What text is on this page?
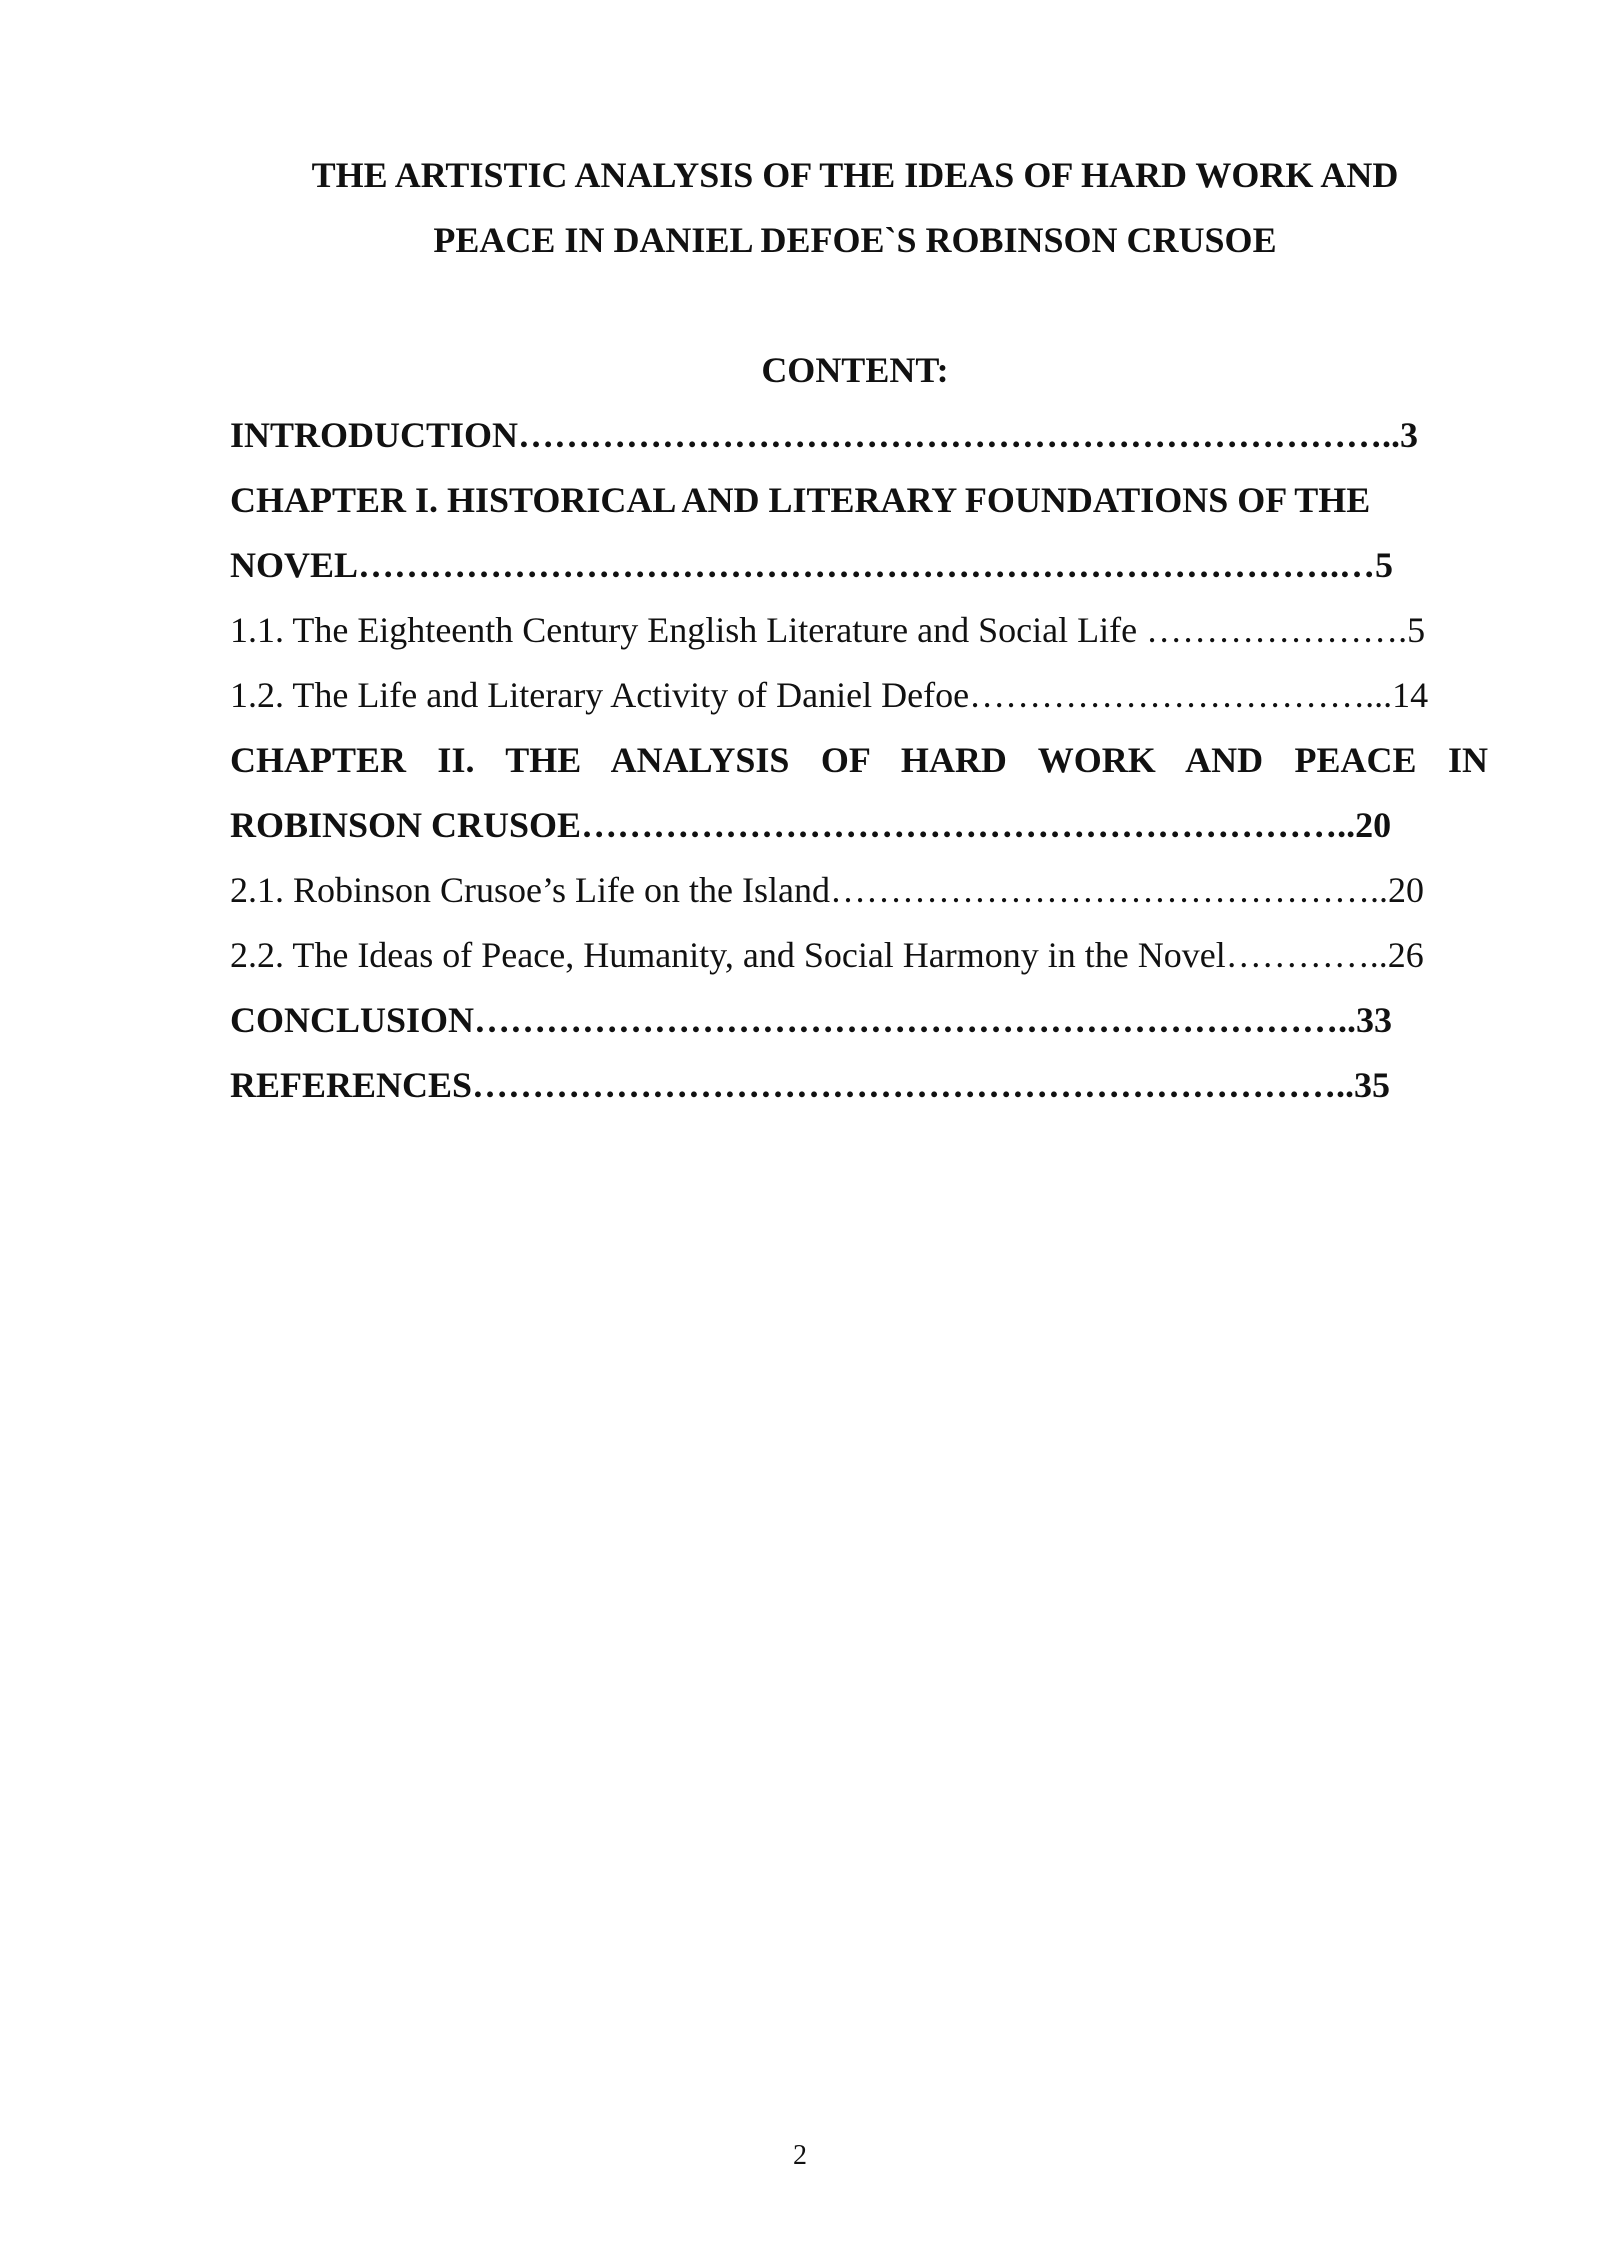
THE ARTISTIC ANALYSIS OF THE IDEAS OF HARD WORK AND
PEACE IN DANIEL DEFOE`S ROBINSON CRUSOE
CONTENT:
INTRODUCTION………………………………………………………………..3
CHAPTER I. HISTORICAL AND LITERARY FOUNDATIONS OF THE
NOVEL……………………………………………………………………….…5
1.1. The Eighteenth Century English Literature and Social Life ………………….5
1.2. The Life and Literary Activity of Daniel Defoe……………………………...14
CHAPTER II. THE ANALYSIS OF HARD WORK AND PEACE IN
ROBINSON CRUSOE………………………………………………………..20
2.1. Robinson Crusoe’s Life on the Island………………………………………..20
2.2. The Ideas of Peace, Humanity, and Social Harmony in the Novel…………..26
CONCLUSION………………………………………………………………..33
REFERENCES………………………………………………………………..35
2
